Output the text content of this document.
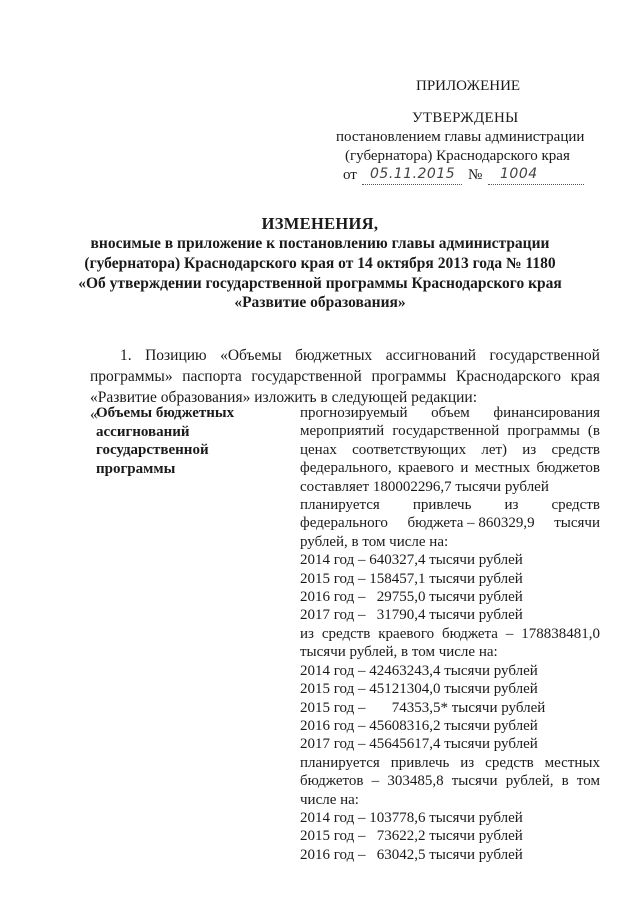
ПРИЛОЖЕНИЕ
УТВЕРЖДЕНЫ
постановлением главы администрации
(губернатора) Краснодарского края
от 05.11.2015 № 1004
ИЗМЕНЕНИЯ,
вносимые в приложение к постановлению главы администрации
(губернатора) Краснодарского края от 14 октября 2013 года № 1180
«Об утверждении государственной программы Краснодарского края
«Развитие образования»
1. Позицию «Объемы бюджетных ассигнований государственной
программы» паспорта государственной программы Краснодарского края
«Развитие образования» изложить в следующей редакции:
«
Объемы бюджетных
ассигнований
государственной
программы
прогнозируемый объем финансирования
мероприятий государственной программы (в
ценах соответствующих лет) из средств
федерального, краевого и местных бюджетов
составляет 180002296,7 тысячи рублей
планируется привлечь из средств
федерального бюджета – 860329,9 тысячи
рублей, в том числе на:
2014 год – 640327,4 тысячи рублей
2015 год – 158457,1 тысячи рублей
2016 год –   29755,0 тысячи рублей
2017 год –   31790,4 тысячи рублей
из средств краевого бюджета – 178838481,0
тысячи рублей, в том числе на:
2014 год – 42463243,4 тысячи рублей
2015 год – 45121304,0 тысячи рублей
2015 год –       74353,5* тысячи рублей
2016 год – 45608316,2 тысячи рублей
2017 год – 45645617,4 тысячи рублей
планируется привлечь из средств местных
бюджетов – 303485,8 тысячи рублей, в том
числе на:
2014 год – 103778,6 тысячи рублей
2015 год –   73622,2 тысячи рублей
2016 год –   63042,5 тысячи рублей
